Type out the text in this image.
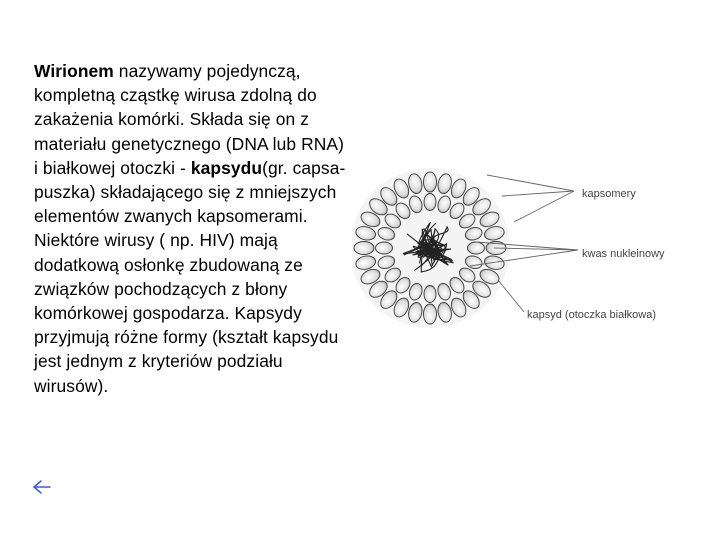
Wirionem nazywamy pojedynczą, kompletną cząstkę wirusa zdolną do zakażenia komórki. Składa się on z materiału genetycznego (DNA lub RNA) i białkowej otoczki - kapsydu(gr. capsa- puszka) składającego się z mniejszych elementów zwanych kapsomerami. Niektóre wirusy ( np. HIV) mają dodatkową osłonkę zbudowaną ze związków pochodzących z błony komórkowej gospodarza. Kapsydy przyjmują różne formy (kształt kapsydu jest jednym z kryteriów podziału wirusów).
kapsomery
kwas nukleinowy
kapsyd (otoczka białkowa)
